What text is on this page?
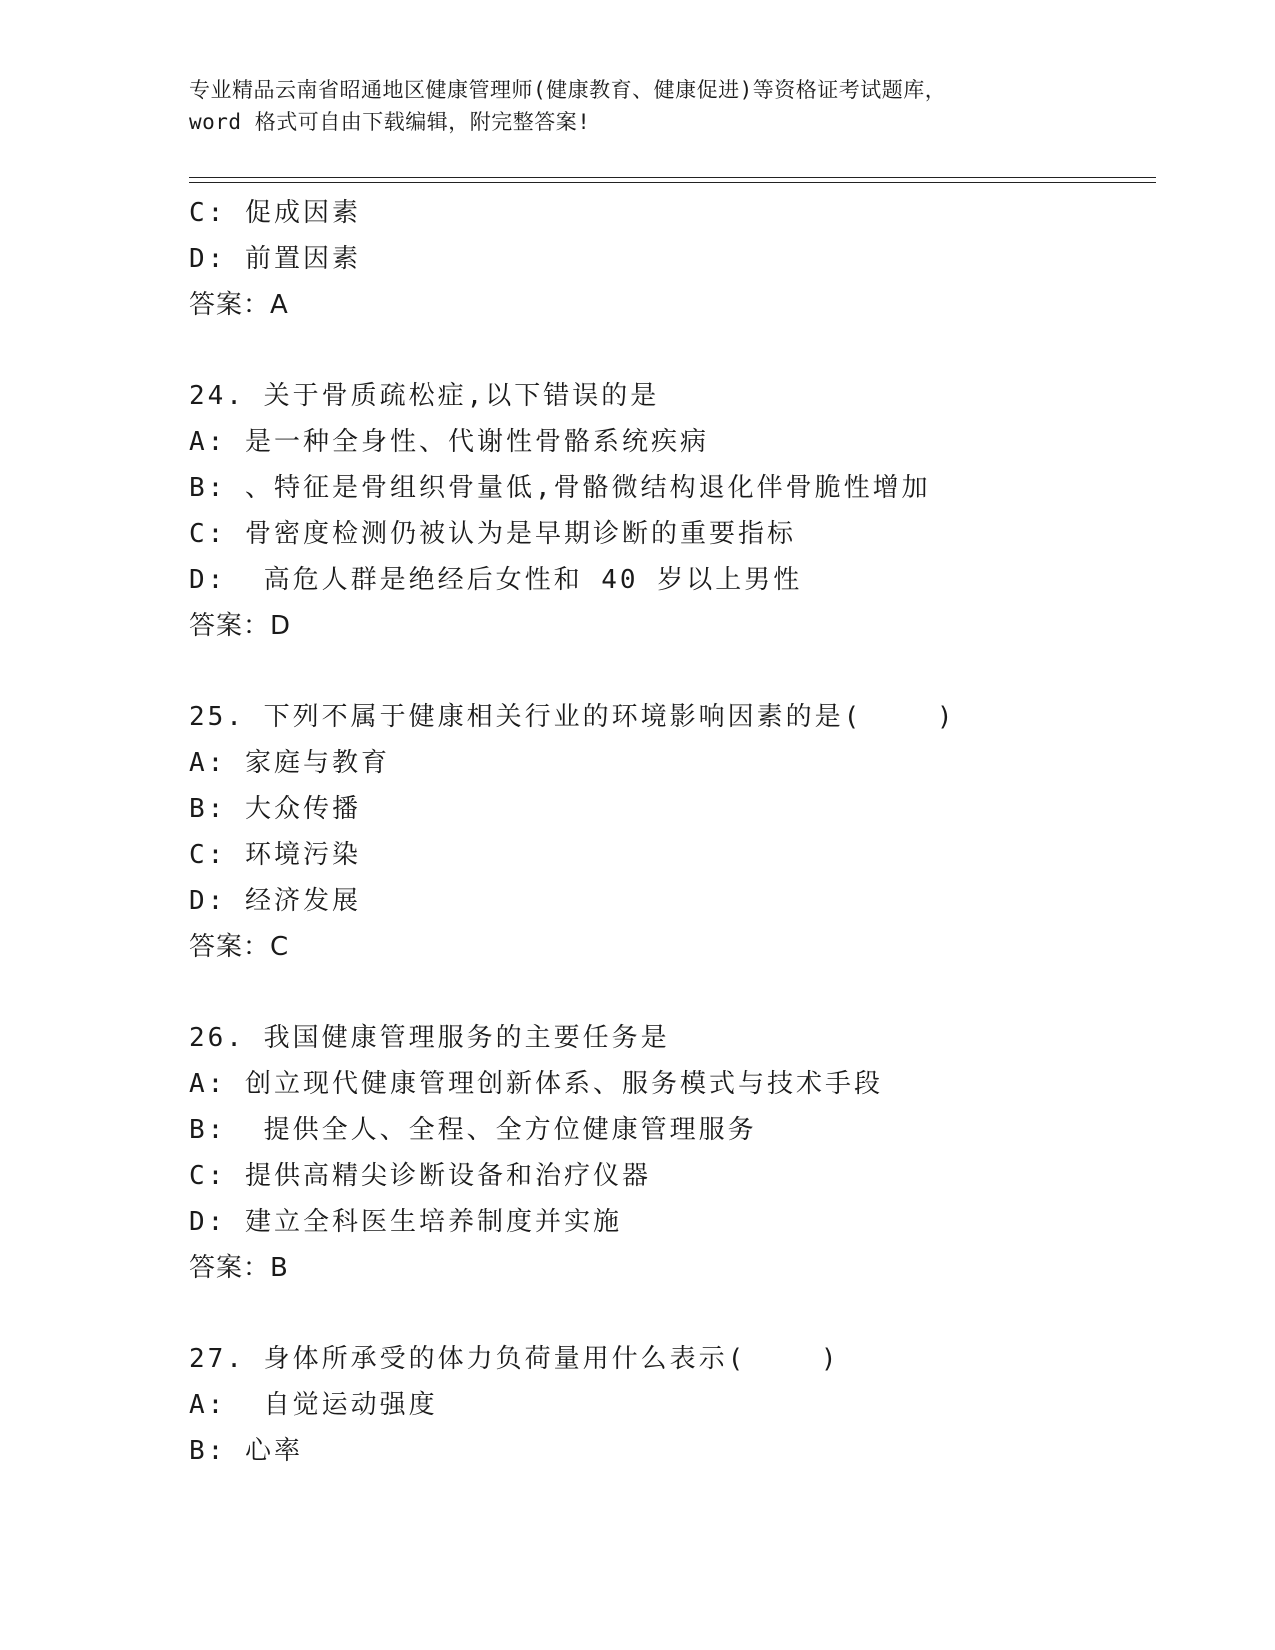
专业精品云南省昭通地区健康管理师(健康教育、健康促进)等资格证考试题库，
word 格式可自由下载编辑，附完整答案!
C: 促成因素
D: 前置因素
答案：A
24. 关于骨质疏松症,以下错误的是
A: 是一种全身性、代谢性骨骼系统疾病
B: 、特征是骨组织骨量低,骨骼微结构退化伴骨脆性增加
C: 骨密度检测仍被认为是早期诊断的重要指标
D:  高危人群是绝经后女性和 40 岁以上男性
答案：D
25. 下列不属于健康相关行业的环境影响因素的是(    )
A: 家庭与教育
B: 大众传播
C: 环境污染
D: 经济发展
答案：C
26. 我国健康管理服务的主要任务是
A: 创立现代健康管理创新体系、服务模式与技术手段
B:  提供全人、全程、全方位健康管理服务
C: 提供高精尖诊断设备和治疗仪器
D: 建立全科医生培养制度并实施
答案：B
27. 身体所承受的体力负荷量用什么表示(    )
A:  自觉运动强度
B: 心率
